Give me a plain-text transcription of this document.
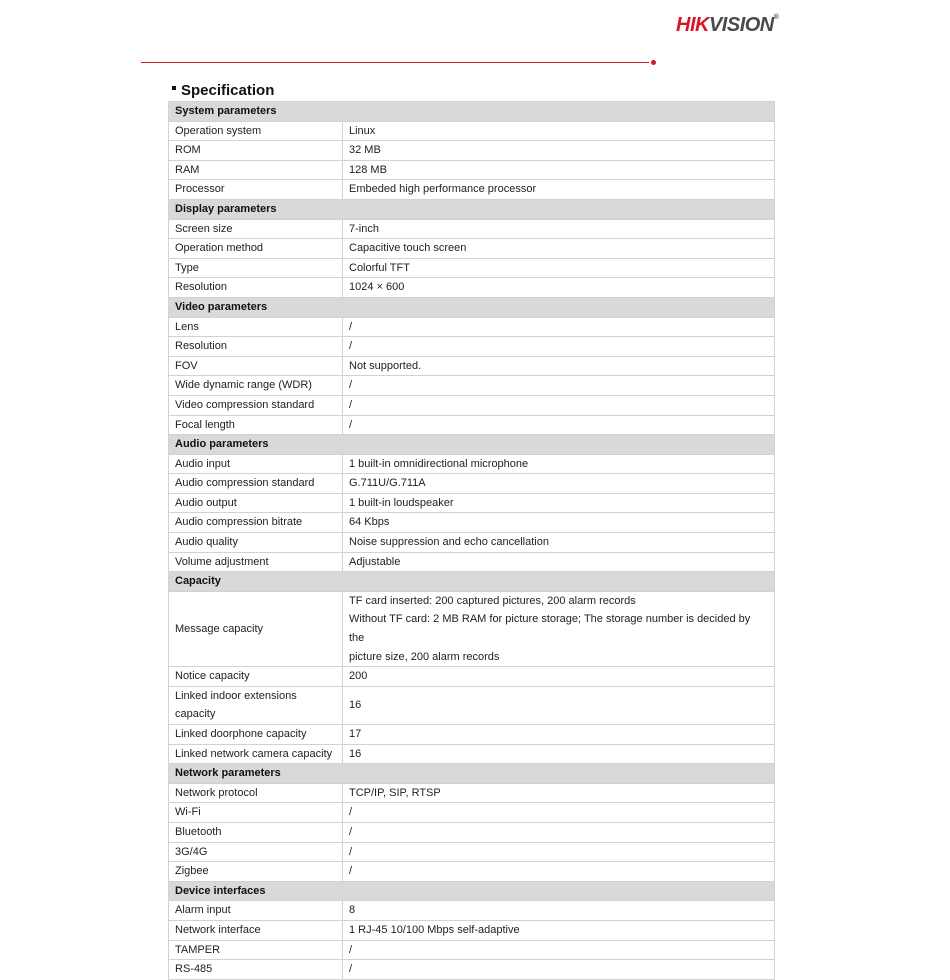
HIKVISION®
Specification
System parameters	
Operation system	Linux
ROM	32 MB
RAM	128 MB
Processor	Embeded high performance processor
Display parameters	
Screen size	7-inch
Operation method	Capacitive touch screen
Type	Colorful TFT
Resolution	1024 × 600
Video parameters	
Lens	/
Resolution	/
FOV	Not supported.
Wide dynamic range (WDR)	/
Video compression standard	/
Focal length	/
Audio parameters	
Audio input	1 built-in omnidirectional microphone
Audio compression standard	G.711U/G.711A
Audio output	1 built-in loudspeaker
Audio compression bitrate	64 Kbps
Audio quality	Noise suppression and echo cancellation
Volume adjustment	Adjustable
Capacity	
Message capacity	TF card inserted: 200 captured pictures, 200 alarm records
Without TF card: 2 MB RAM for picture storage; The storage number is decided by the
picture size, 200 alarm records

Notice capacity	200

Linked indoor extensions
capacity	16
Linked doorphone capacity	17
Linked network camera capacity	16
Network parameters	
Network protocol	TCP/IP, SIP, RTSP
Wi-Fi	/
Bluetooth	/
3G/4G	/
Zigbee	/
Device interfaces	
Alarm input	8
Network interface	1 RJ-45 10/100 Mbps self-adaptive
TAMPER	/
RS-485	/
